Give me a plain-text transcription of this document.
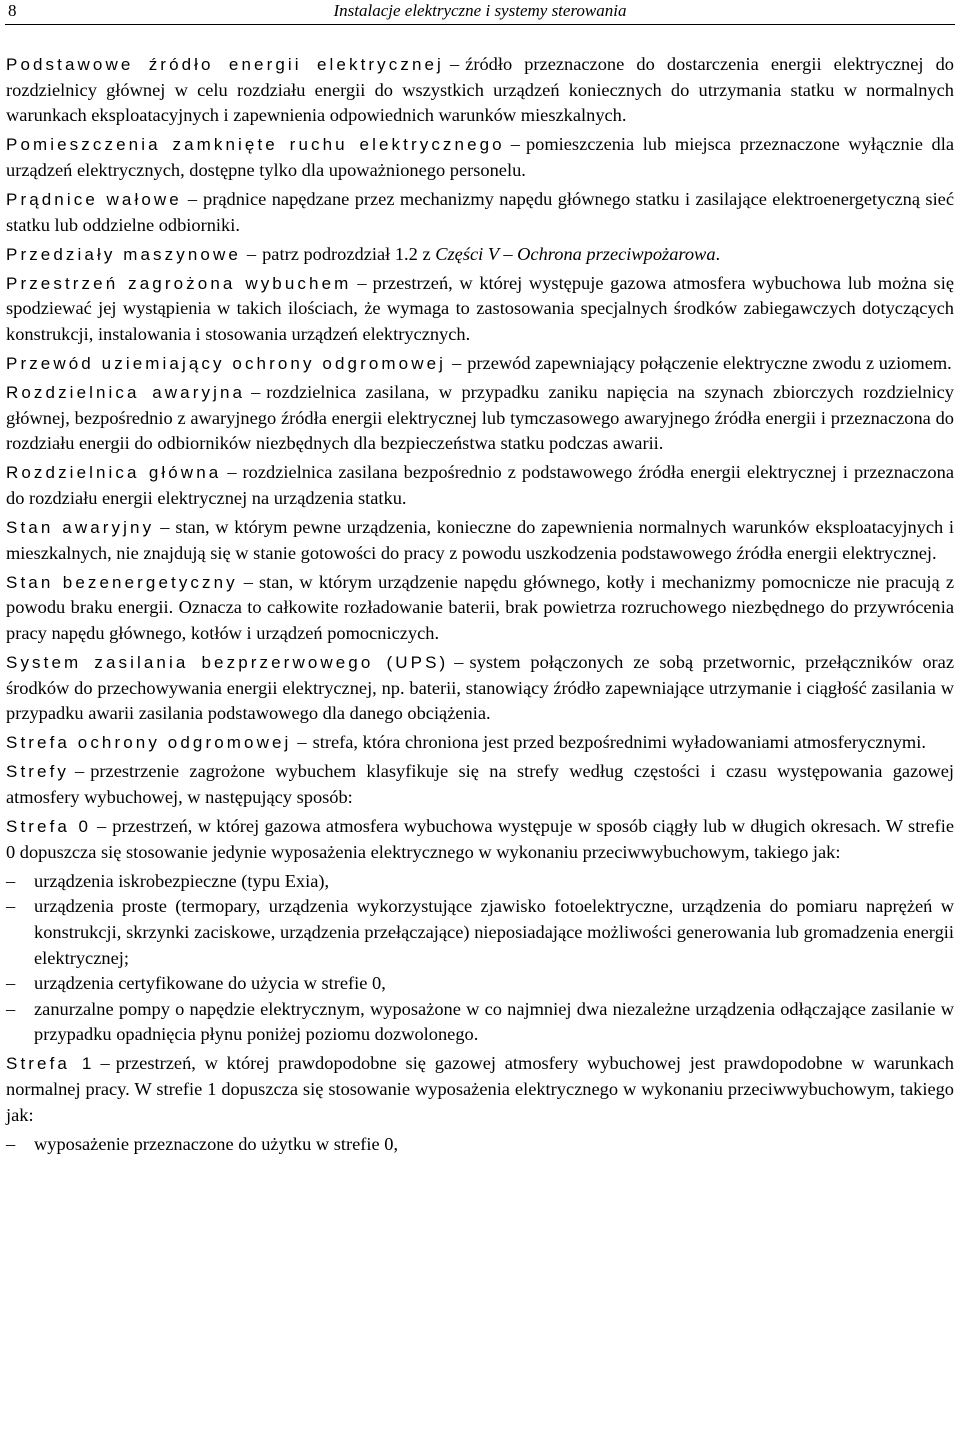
8	Instalacje elektryczne i systemy sterowania

Podstawowe źródło energii elektrycznej – źródło przeznaczone do dostarczenia energii elektrycznej do rozdzielnicy głównej w celu rozdziału energii do wszystkich urządzeń koniecznych do utrzymania statku w normalnych warunkach eksploatacyjnych i zapewnienia odpowiednich warunków mieszkalnych.

Pomieszczenia zamknięte ruchu elektrycznego – pomieszczenia lub miejsca przeznaczone wyłącznie dla urządzeń elektrycznych, dostępne tylko dla upoważnionego personelu.

Prądnice wałowe – prądnice napędzane przez mechanizmy napędu głównego statku i zasilające elektroenergetyczną sieć statku lub oddzielne odbiorniki.

Przedziały maszynowe – patrz podrozdział 1.2 z Części V – Ochrona przeciwpożarowa.

Przestrzeń zagrożona wybuchem – przestrzeń, w której występuje gazowa atmosfera wybuchowa lub można się spodziewać jej wystąpienia w takich ilościach, że wymaga to zastosowania specjalnych środków zabiegawczych dotyczących konstrukcji, instalowania i stosowania urządzeń elektrycznych.

Przewód uziemiający ochrony odgromowej – przewód zapewniający połączenie elektryczne zwodu z uziomem.

Rozdzielnica awaryjna – rozdzielnica zasilana, w przypadku zaniku napięcia na szynach zbiorczych rozdzielnicy głównej, bezpośrednio z awaryjnego źródła energii elektrycznej lub tymczasowego awaryjnego źródła energii i przeznaczona do rozdziału energii do odbiorników niezbędnych dla bezpieczeństwa statku podczas awarii.

Rozdzielnica główna – rozdzielnica zasilana bezpośrednio z podstawowego źródła energii elektrycznej i przeznaczona do rozdziału energii elektrycznej na urządzenia statku.

Stan awaryjny – stan, w którym pewne urządzenia, konieczne do zapewnienia normalnych warunków eksploatacyjnych i mieszkalnych, nie znajdują się w stanie gotowości do pracy z powodu uszkodzenia podstawowego źródła energii elektrycznej.

Stan bezenergetyczny – stan, w którym urządzenie napędu głównego, kotły i mechanizmy pomocnicze nie pracują z powodu braku energii. Oznacza to całkowite rozładowanie baterii, brak powietrza rozruchowego niezbędnego do przywrócenia pracy napędu głównego, kotłów i urządzeń pomocniczych.

System zasilania bezprzerwowego (UPS) – system połączonych ze sobą przetwornic, przełączników oraz środków do przechowywania energii elektrycznej, np. baterii, stanowiący źródło zapewniające utrzymanie i ciągłość zasilania w przypadku awarii zasilania podstawowego dla danego obciążenia.

Strefa ochrony odgromowej – strefa, która chroniona jest przed bezpośrednimi wyładowaniami atmosferycznymi.

Strefy – przestrzenie zagrożone wybuchem klasyfikuje się na strefy według częstości i czasu występowania gazowej atmosfery wybuchowej, w następujący sposób:

Strefa 0 – przestrzeń, w której gazowa atmosfera wybuchowa występuje w sposób ciągły lub w długich okresach. W strefie 0 dopuszcza się stosowanie jedynie wyposażenia elektrycznego w wykonaniu przeciwwybuchowym, takiego jak:

– urządzenia iskrobezpieczne (typu Exia),
– urządzenia proste (termopary, urządzenia wykorzystujące zjawisko fotoelektryczne, urządzenia do pomiaru naprężeń w konstrukcji, skrzynki zaciskowe, urządzenia przełączające) nieposiadające możliwości generowania lub gromadzenia energii elektrycznej;
– urządzenia certyfikowane do użycia w strefie 0,
– zanurzalne pompy o napędzie elektrycznym, wyposażone w co najmniej dwa niezależne urządzenia odłączające zasilanie w przypadku opadnięcia płynu poniżej poziomu dozwolonego.

Strefa 1 – przestrzeń, w której prawdopodobne się gazowej atmosfery wybuchowej jest prawdopodobne w warunkach normalnej pracy. W strefie 1 dopuszcza się stosowanie wyposażenia elektrycznego w wykonaniu przeciwwybuchowym, takiego jak:

– wyposażenie przeznaczone do użytku w strefie 0,
